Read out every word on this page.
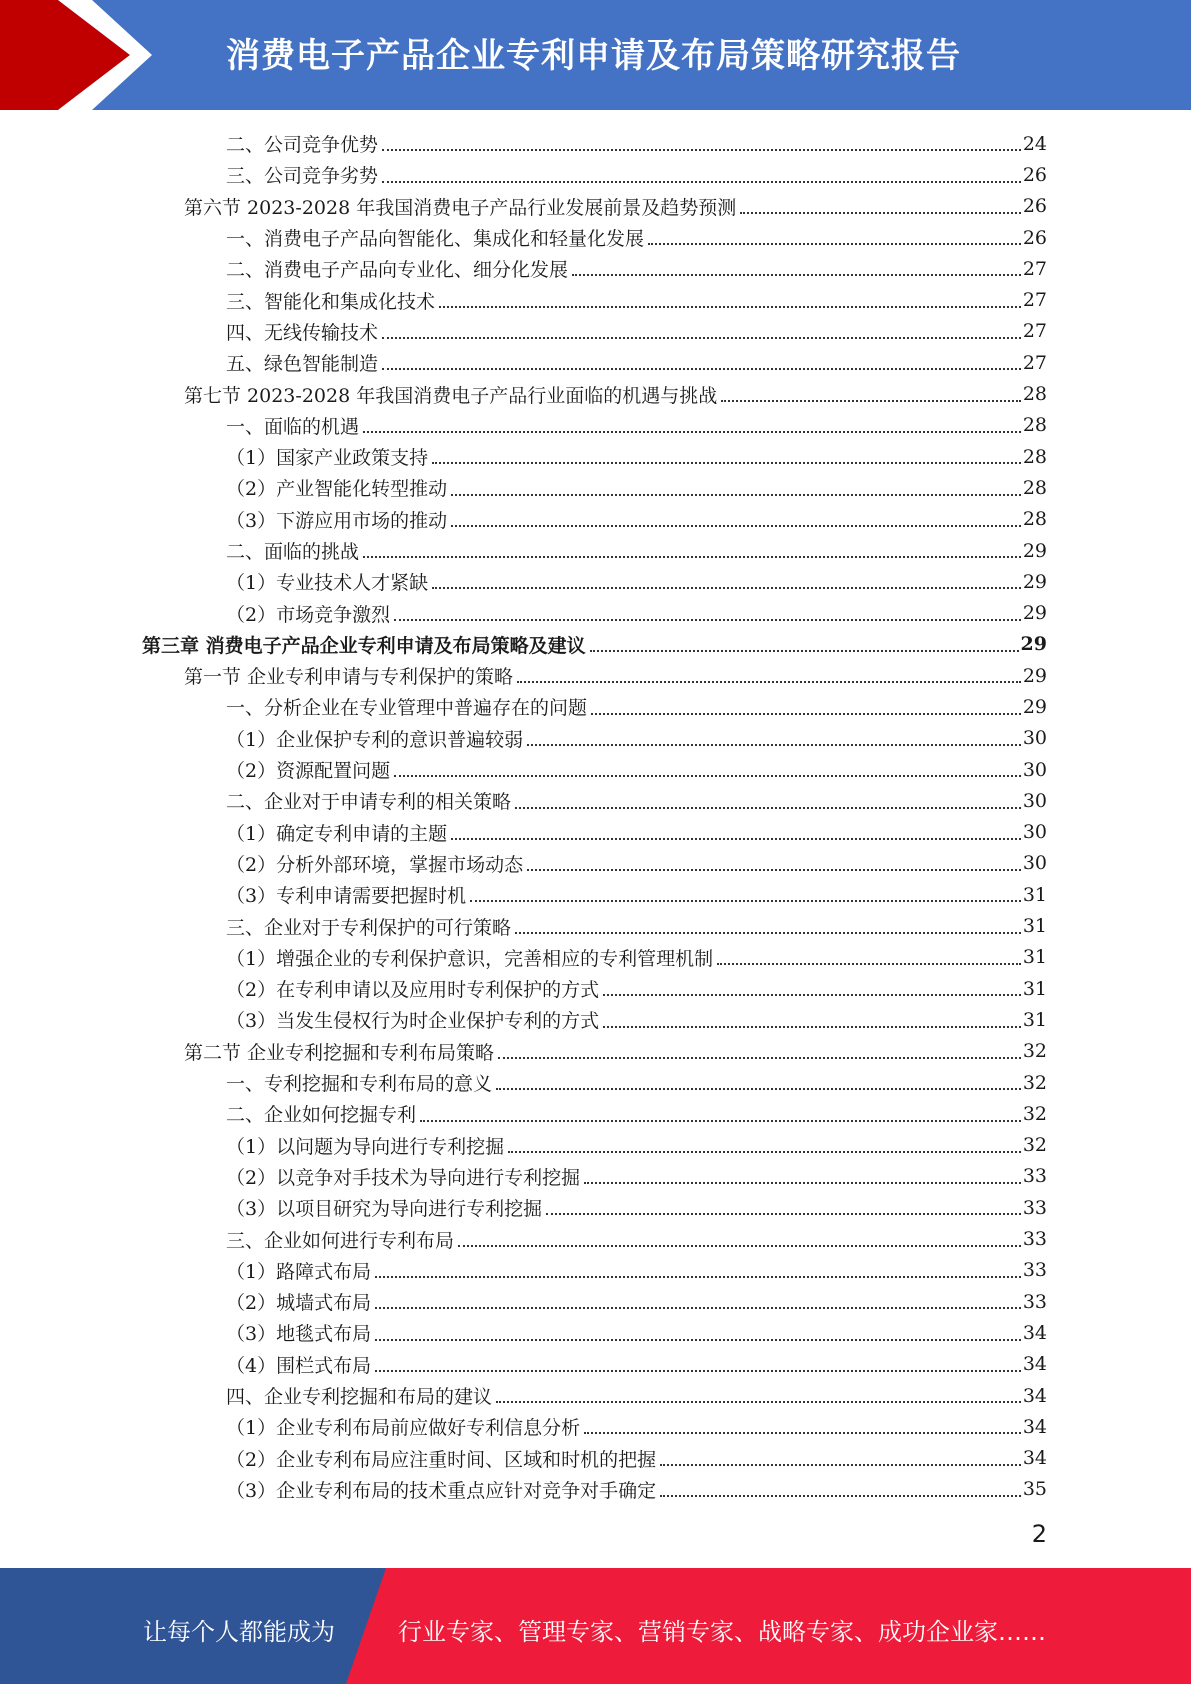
消费电子产品企业专利申请及布局策略研究报告
二、公司竞争优势	24
三、公司竞争劣势	26
第六节 2023-2028 年我国消费电子产品行业发展前景及趋势预测	26
一、消费电子产品向智能化、集成化和轻量化发展	26
二、消费电子产品向专业化、细分化发展	27
三、智能化和集成化技术	27
四、无线传输技术	27
五、绿色智能制造	27
第七节 2023-2028 年我国消费电子产品行业面临的机遇与挑战	28
一、面临的机遇	28
（1）国家产业政策支持	28
（2）产业智能化转型推动	28
（3）下游应用市场的推动	28
二、面临的挑战	29
（1）专业技术人才紧缺	29
（2）市场竞争激烈	29
第三章 消费电子产品企业专利申请及布局策略及建议	29
第一节 企业专利申请与专利保护的策略	29
一、分析企业在专业管理中普遍存在的问题	29
（1）企业保护专利的意识普遍较弱	30
（2）资源配置问题	30
二、企业对于申请专利的相关策略	30
（1）确定专利申请的主题	30
（2）分析外部环境，掌握市场动态	30
（3）专利申请需要把握时机	31
三、企业对于专利保护的可行策略	31
（1）增强企业的专利保护意识，完善相应的专利管理机制	31
（2）在专利申请以及应用时专利保护的方式	31
（3）当发生侵权行为时企业保护专利的方式	31
第二节 企业专利挖掘和专利布局策略	32
一、专利挖掘和专利布局的意义	32
二、企业如何挖掘专利	32
（1）以问题为导向进行专利挖掘	32
（2）以竞争对手技术为导向进行专利挖掘	33
（3）以项目研究为导向进行专利挖掘	33
三、企业如何进行专利布局	33
（1）路障式布局	33
（2）城墙式布局	33
（3）地毯式布局	34
（4）围栏式布局	34
四、企业专利挖掘和布局的建议	34
（1）企业专利布局前应做好专利信息分析	34
（2）企业专利布局应注重时间、区域和时机的把握	34
（3）企业专利布局的技术重点应针对竞争对手确定	35
2
让每个人都能成为	行业专家、管理专家、营销专家、战略专家、成功企业家……
